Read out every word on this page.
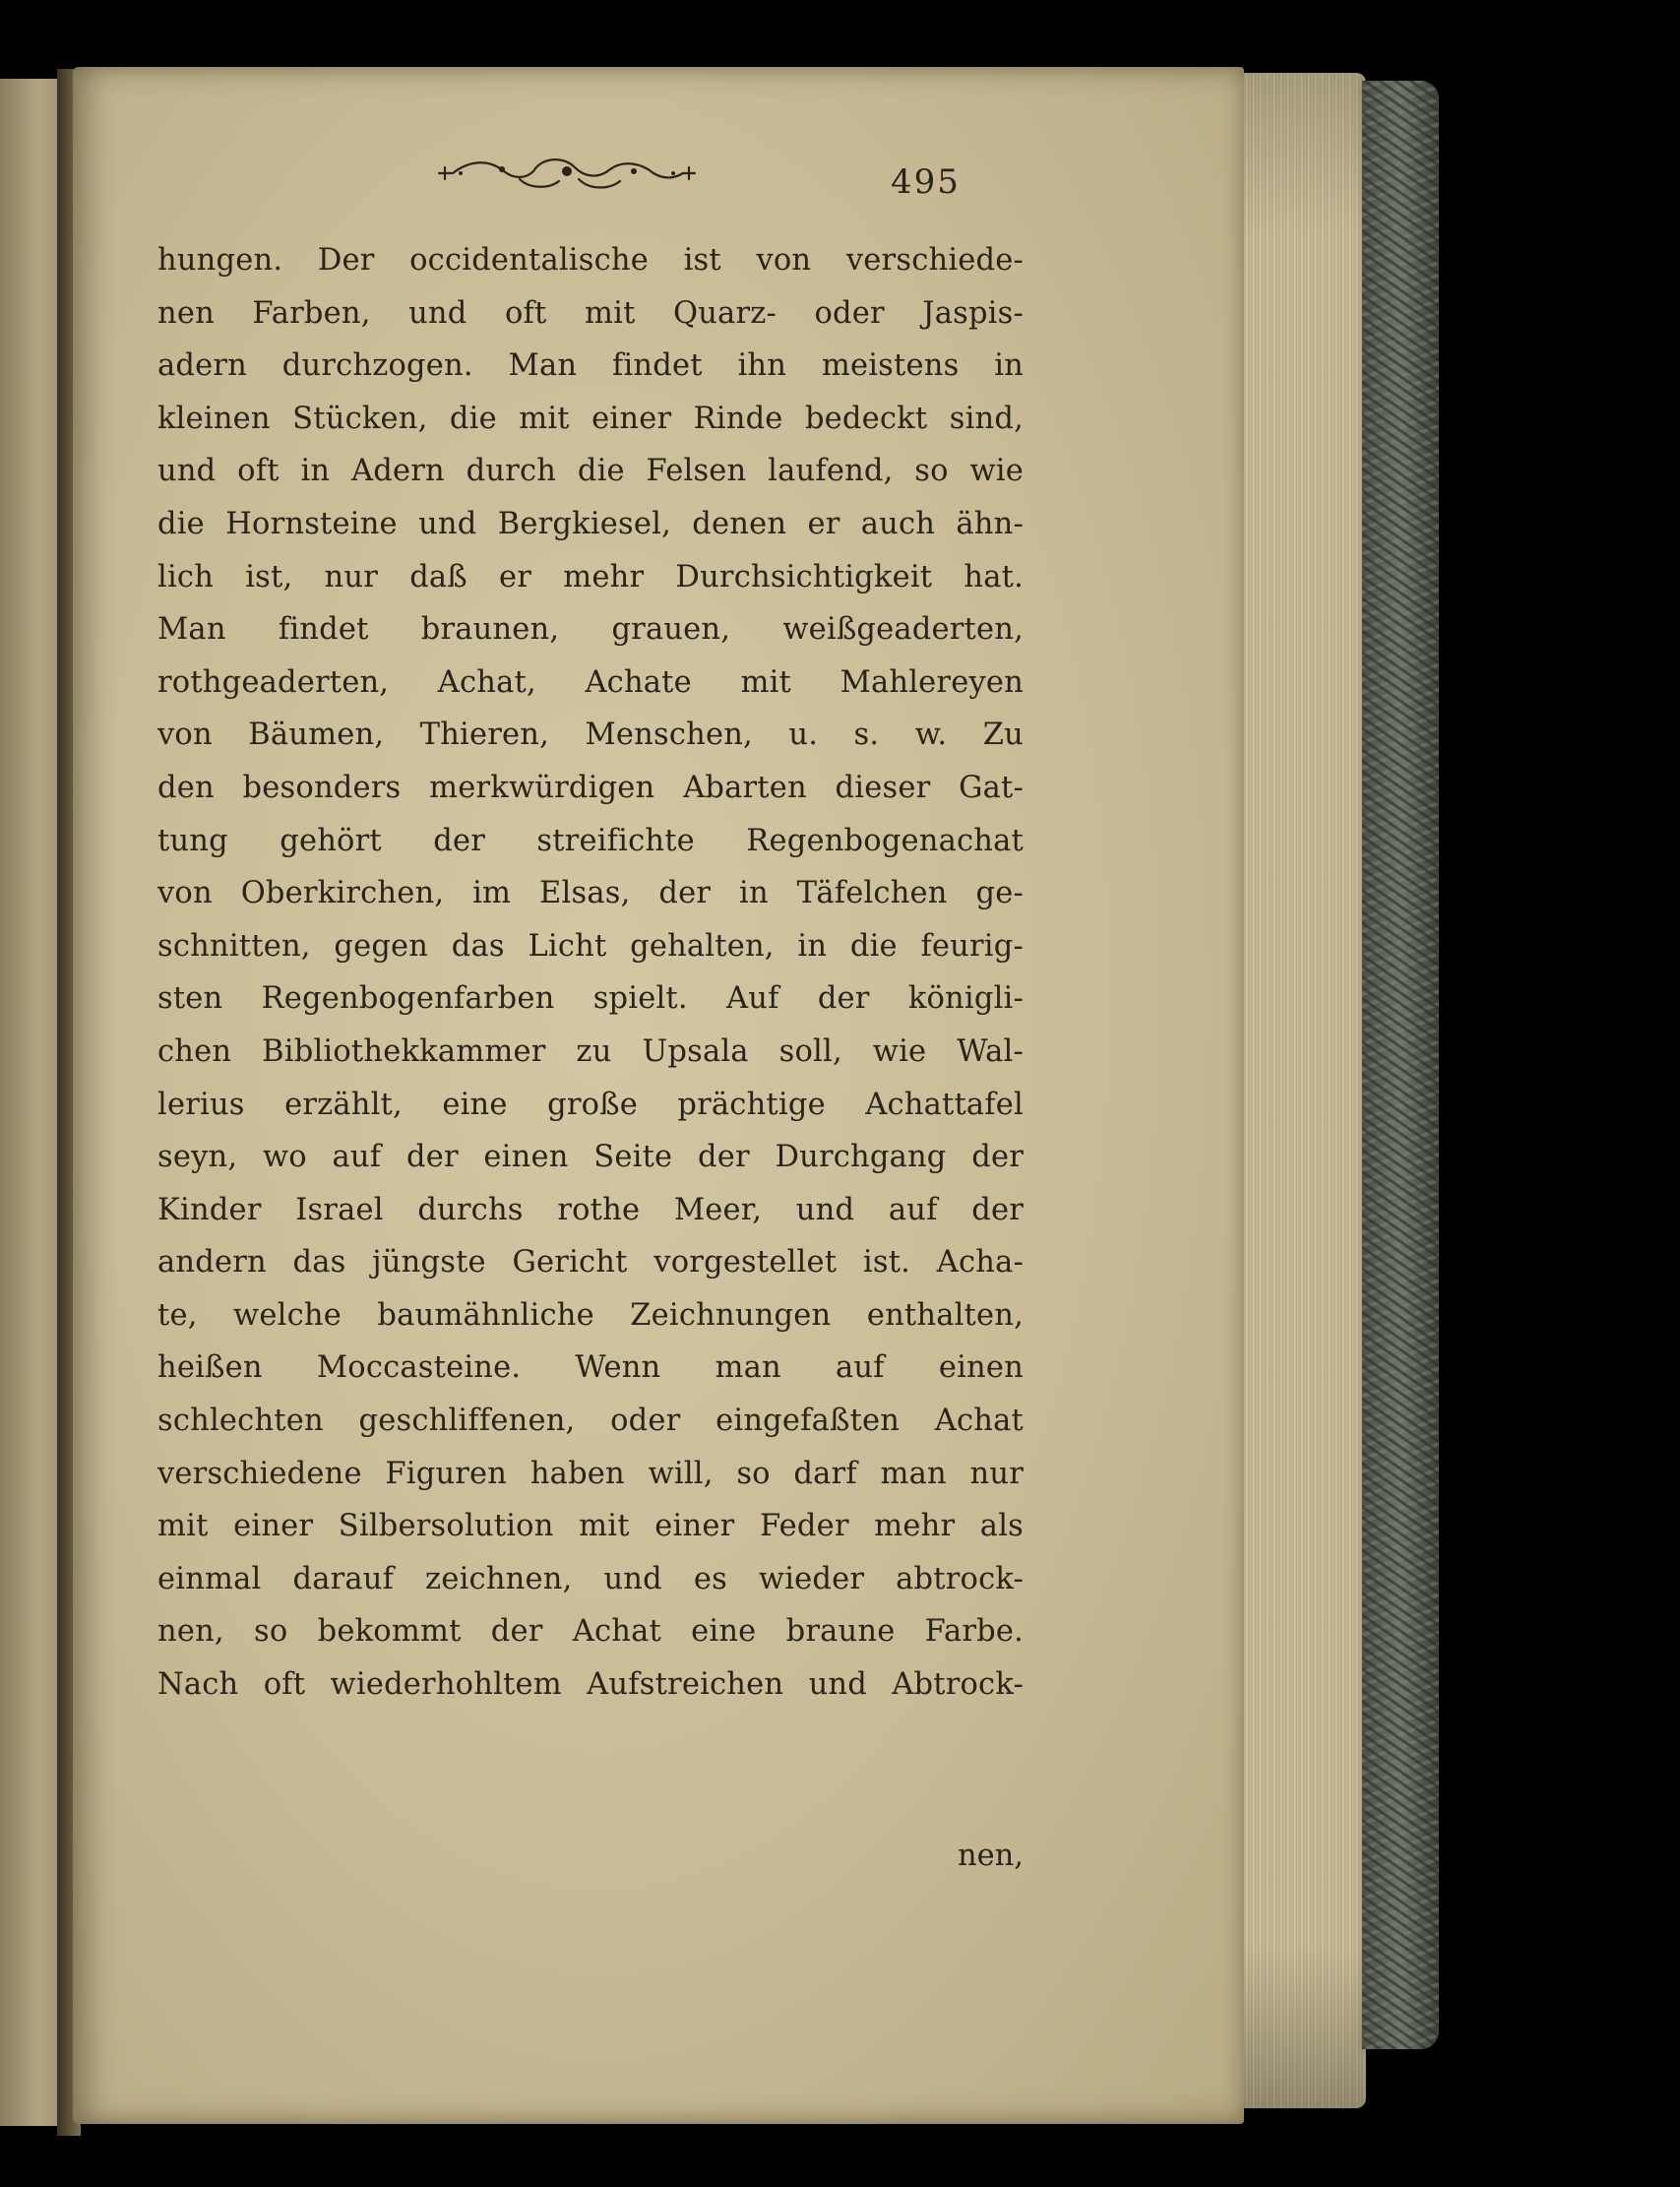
495
hungen. Der occidentalische ist von verschiede-
nen Farben, und oft mit Quarz- oder Jaspis-
adern durchzogen. Man findet ihn meistens in
kleinen Stücken, die mit einer Rinde bedeckt sind,
und oft in Adern durch die Felsen laufend, so wie
die Hornsteine und Bergkiesel, denen er auch ähn-
lich ist, nur daß er mehr Durchsichtigkeit hat.
Man findet braunen, grauen, weißgeaderten,
rothgeaderten, Achat, Achate mit Mahlereyen
von Bäumen, Thieren, Menschen, u. s. w. Zu
den besonders merkwürdigen Abarten dieser Gat-
tung gehört der streifichte Regenbogenachat
von Oberkirchen, im Elsas, der in Täfelchen ge-
schnitten, gegen das Licht gehalten, in die feurig-
sten Regenbogenfarben spielt. Auf der königli-
chen Bibliothekkammer zu Upsala soll, wie Wal-
lerius erzählt, eine große prächtige Achattafel
seyn, wo auf der einen Seite der Durchgang der
Kinder Israel durchs rothe Meer, und auf der
andern das jüngste Gericht vorgestellet ist. Acha-
te, welche baumähnliche Zeichnungen enthalten,
heißen Moccasteine. Wenn man auf einen
schlechten geschliffenen, oder eingefaßten Achat
verschiedene Figuren haben will, so darf man nur
mit einer Silbersolution mit einer Feder mehr als
einmal darauf zeichnen, und es wieder abtrock-
nen, so bekommt der Achat eine braune Farbe.
Nach oft wiederhohltem Aufstreichen und Abtrock-
nen,
